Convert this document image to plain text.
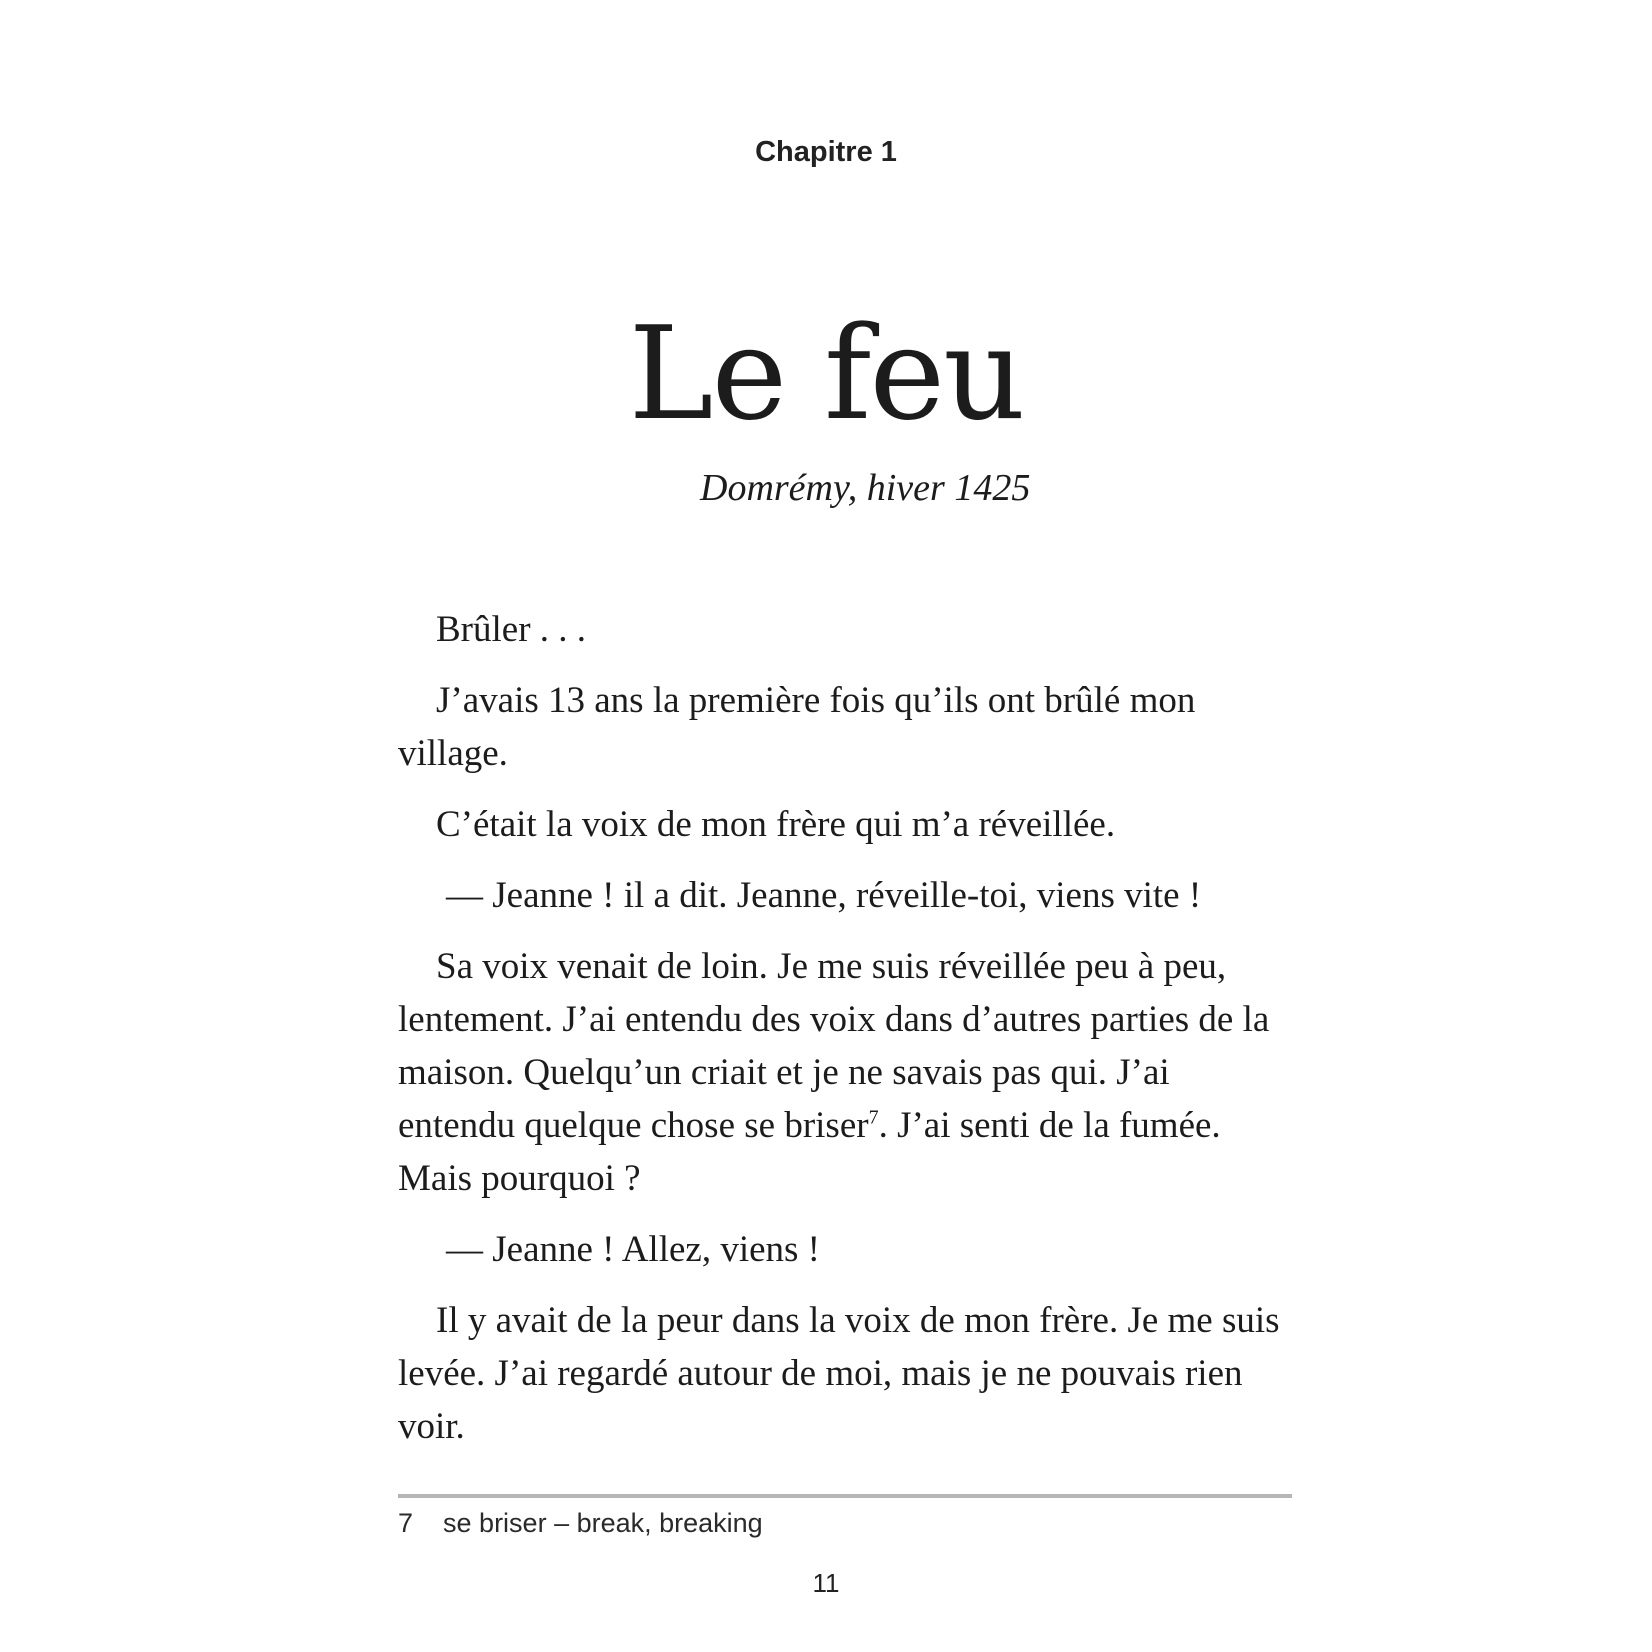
Chapitre 1
Le feu
Domrémy, hiver 1425

Brûler . . .

J’avais 13 ans la première fois qu’ils ont brûlé mon village.

C’était la voix de mon frère qui m’a réveillée.

— Jeanne ! il a dit. Jeanne, réveille-toi, viens vite !

Sa voix venait de loin. Je me suis réveillée peu à peu, lentement. J’ai entendu des voix dans d’autres parties de la maison. Quelqu’un criait et je ne savais pas qui. J’ai entendu quelque chose se briser$^7$. J’ai senti de la fumée. Mais pourquoi ?

— Jeanne ! Allez, viens !

Il y avait de la peur dans la voix de mon frère. Je me suis levée. J’ai regardé autour de moi, mais je ne pouvais rien voir.

7 se briser – break, breaking
11
